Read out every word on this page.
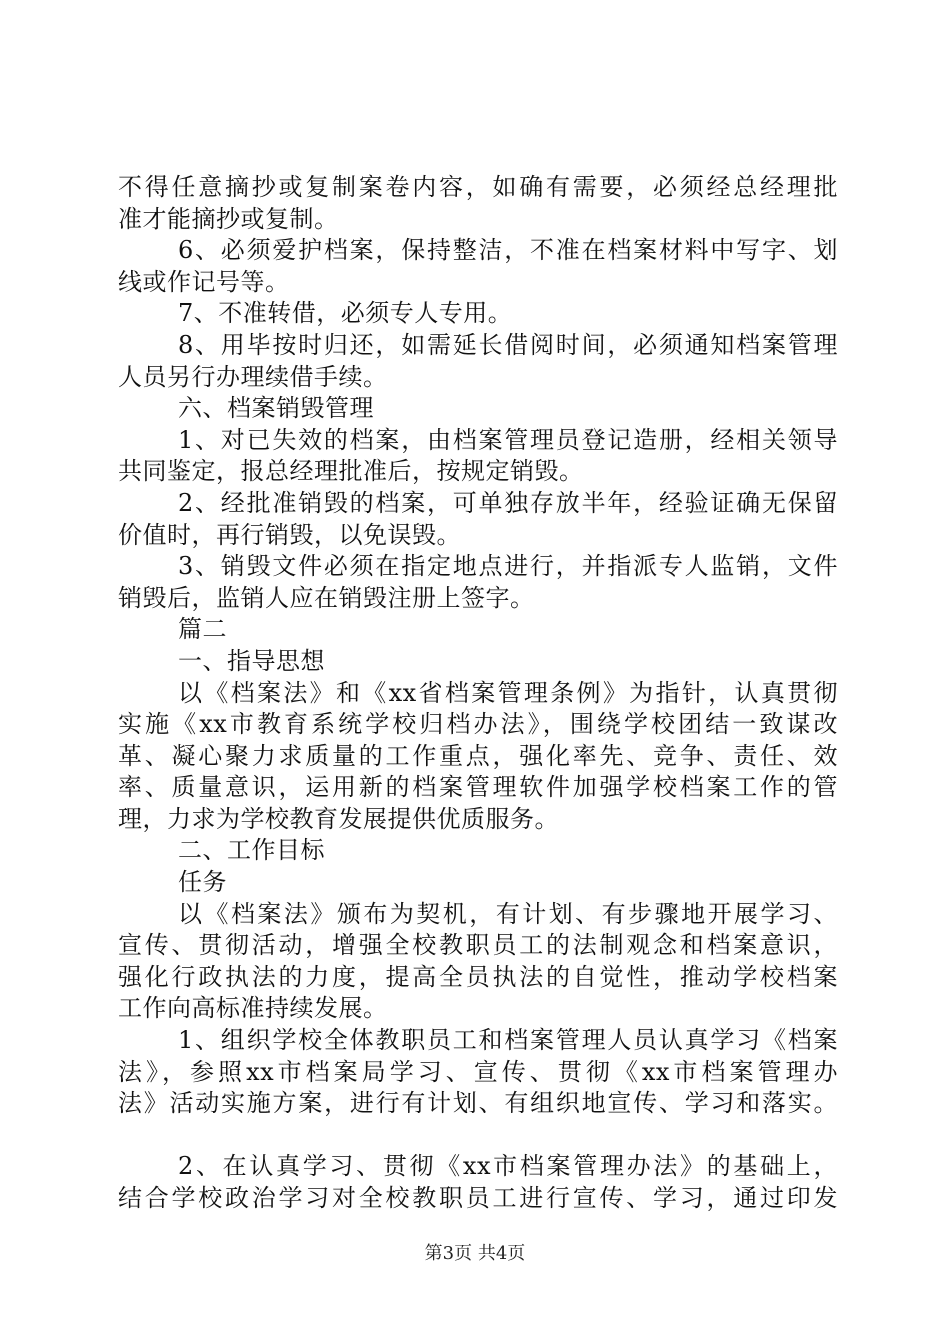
不得任意摘抄或复制案卷内容，如确有需要，必须经总经理批
准才能摘抄或复制。
6、必须爱护档案，保持整洁，不准在档案材料中写字、划
线或作记号等。
7、不准转借，必须专人专用。
8、用毕按时归还，如需延长借阅时间，必须通知档案管理
人员另行办理续借手续。
六、档案销毁管理
1、对已失效的档案，由档案管理员登记造册，经相关领导
共同鉴定，报总经理批准后，按规定销毁。
2、经批准销毁的档案，可单独存放半年，经验证确无保留
价值时，再行销毁，以免误毁。
3、销毁文件必须在指定地点进行，并指派专人监销，文件
销毁后，监销人应在销毁注册上签字。
篇二
一、指导思想
以《档案法》和《xx省档案管理条例》为指针，认真贯彻
实施《xx市教育系统学校归档办法》，围绕学校团结一致谋改
革、凝心聚力求质量的工作重点，强化率先、竞争、责任、效
率、质量意识，运用新的档案管理软件加强学校档案工作的管
理，力求为学校教育发展提供优质服务。
二、工作目标
任务
以《档案法》颁布为契机，有计划、有步骤地开展学习、
宣传、贯彻活动，增强全校教职员工的法制观念和档案意识，
强化行政执法的力度，提高全员执法的自觉性，推动学校档案
工作向高标准持续发展。
1、组织学校全体教职员工和档案管理人员认真学习《档案
法》，参照xx市档案局学习、宣传、贯彻《xx市档案管理办
法》活动实施方案，进行有计划、有组织地宣传、学习和落实。
2、在认真学习、贯彻《xx市档案管理办法》的基础上，
结合学校政治学习对全校教职员工进行宣传、学习，通过印发
第3页 共4页
